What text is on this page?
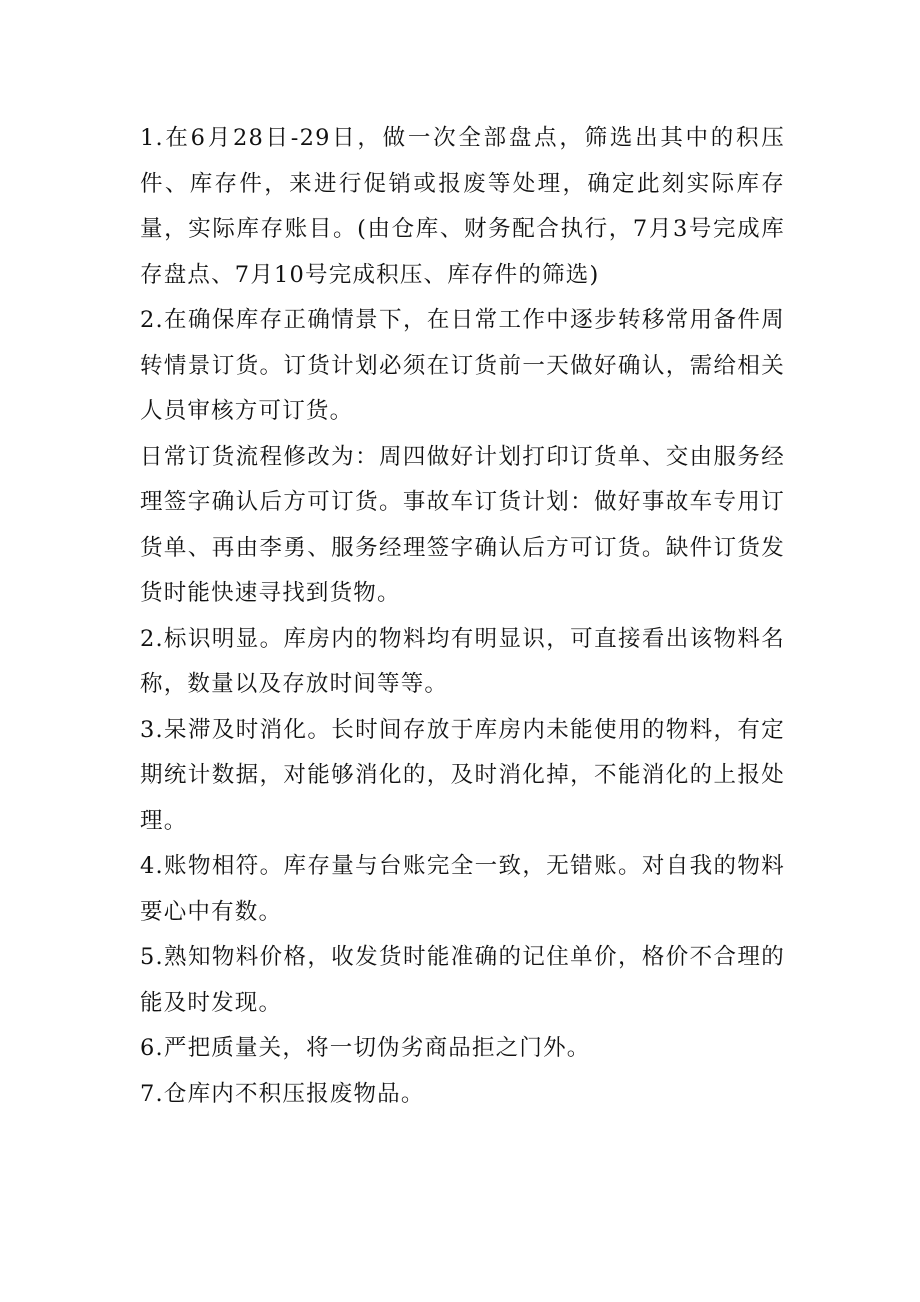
1.在6月28日-29日，做一次全部盘点，筛选出其中的积压件、库存件，来进行促销或报废等处理，确定此刻实际库存量，实际库存账目。(由仓库、财务配合执行，7月3号完成库存盘点、7月10号完成积压、库存件的筛选)

2.在确保库存正确情景下，在日常工作中逐步转移常用备件周转情景订货。订货计划必须在订货前一天做好确认，需给相关人员审核方可订货。

日常订货流程修改为：周四做好计划打印订货单、交由服务经理签字确认后方可订货。事故车订货计划：做好事故车专用订货单、再由李勇、服务经理签字确认后方可订货。缺件订货发货时能快速寻找到货物。

2.标识明显。库房内的物料均有明显识，可直接看出该物料名称，数量以及存放时间等等。

3.呆滞及时消化。长时间存放于库房内未能使用的物料，有定期统计数据，对能够消化的，及时消化掉，不能消化的上报处理。

4.账物相符。库存量与台账完全一致，无错账。对自我的物料要心中有数。

5.熟知物料价格，收发货时能准确的记住单价，格价不合理的能及时发现。

6.严把质量关，将一切伪劣商品拒之门外。

7.仓库内不积压报废物品。
